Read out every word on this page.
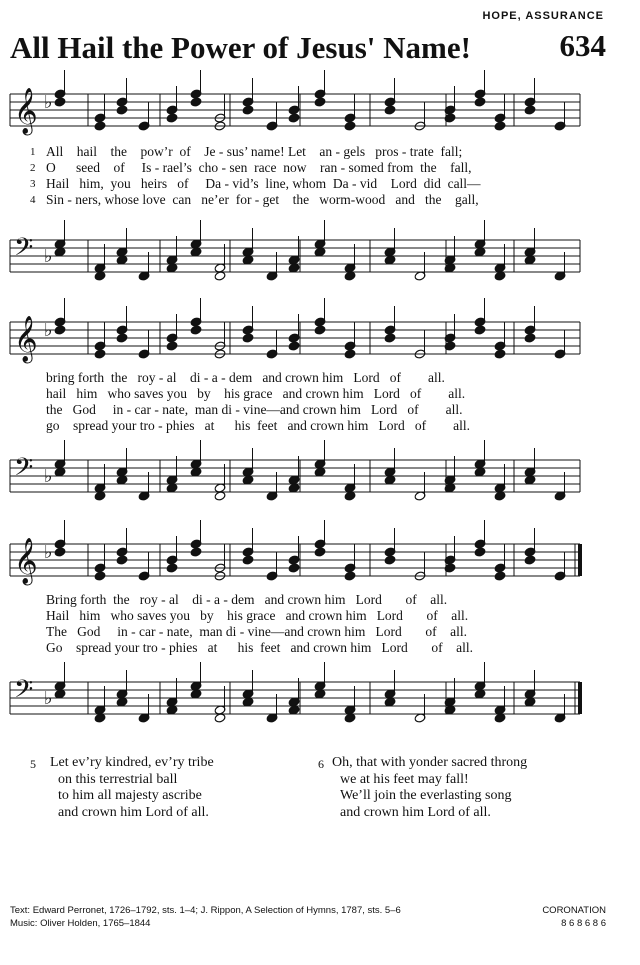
HOPE, ASSURANCE
All Hail the Power of Jesus' Name!	634
𝄞 ♭
𝄢 ♭
𝄞 ♭
𝄢 ♭
𝄞 ♭
𝄢 ♭
1
2
3
4
All    hail    the    pow’r  of    Je - sus’ name! Let    an - gels   pros - trate  fall;
O      seed    of     Is - rael’s  cho - sen  race  now    ran - somed from  the    fall,
Hail   him,  you   heirs   of     Da - vid’s  line, whom  Da - vid    Lord  did  call—
Sin - ners, whose love  can   ne’er  for - get    the   worm-wood   and   the    gall,
bring forth  the   roy - al    di - a - dem   and crown him   Lord   of        all.
hail   him   who saves you   by    his grace   and crown him   Lord   of        all.
the   God     in - car - nate,  man di - vine—and crown him   Lord   of        all.
go    spread your tro - phies   at      his  feet   and crown him   Lord   of        all.
Bring forth  the   roy - al    di - a - dem   and crown him   Lord       of    all.
Hail   him   who saves you   by    his grace   and crown him   Lord       of    all.
The   God     in - car - nate,  man di - vine—and crown him   Lord       of    all.
Go    spread your tro - phies   at      his  feet   and crown him   Lord       of    all.
5 Let ev’ry kindred, ev’ry tribe
on this terrestrial ball
to him all majesty ascribe
and crown him Lord of all.
6 Oh, that with yonder sacred throng
we at his feet may fall!
We’ll join the everlasting song
and crown him Lord of all.
Text: Edward Perronet, 1726–1792, sts. 1–4; J. Rippon, A Selection of Hymns, 1787, sts. 5–6
Music: Oliver Holden, 1765–1844
CORONATION
8 6 8 6 8 6
